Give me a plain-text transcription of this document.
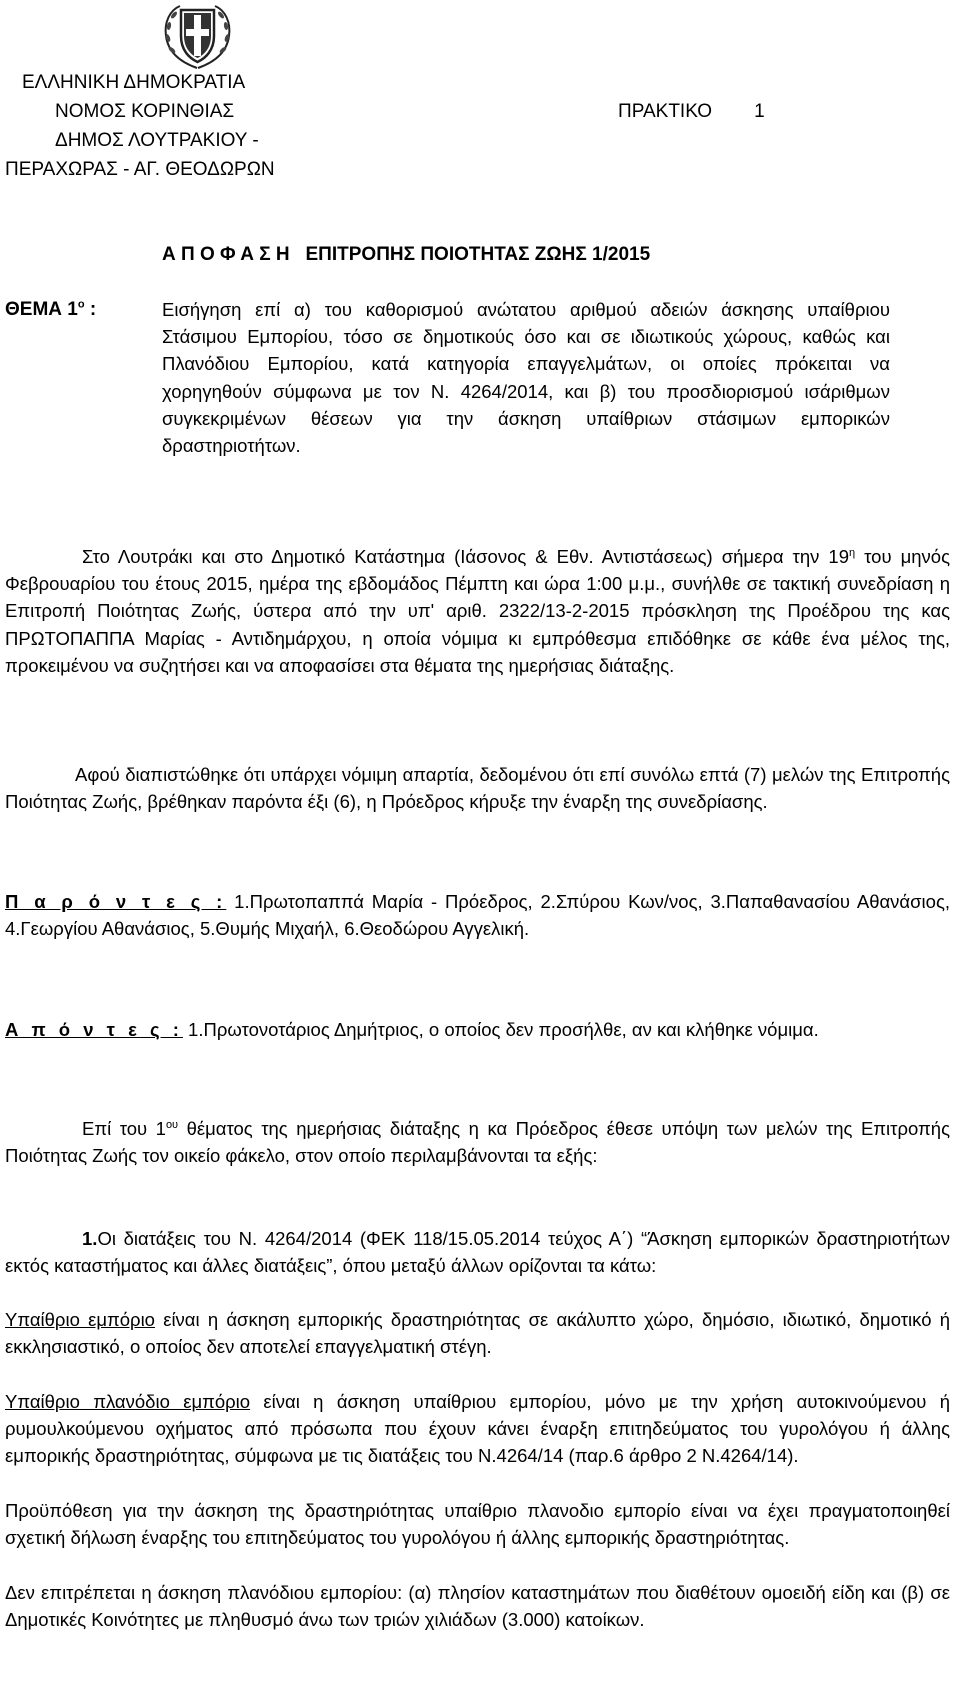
ΕΛΛΗΝΙΚΗ ΔΗΜΟΚΡΑΤΙΑ
ΝΟΜΟΣ ΚΟΡΙΝΘΙΑΣ	ΠΡΑΚΤΙΚΟ 1
ΔΗΜΟΣ ΛΟΥΤΡΑΚΙΟΥ -
ΠΕΡΑΧΩΡΑΣ - ΑΓ. ΘΕΟΔΩΡΩΝ
Α Π Ο Φ Α Σ Η   ΕΠΙΤΡΟΠΗΣ ΠΟΙΟΤΗΤΑΣ ΖΩΗΣ 1/2015
ΘΕΜΑ $1^o$ :	Εισήγηση επί α) του καθορισμού ανώτατου αριθμού αδειών άσκησης υπαίθριου Στάσιμου Εμπορίου, τόσο σε δημοτικούς όσο και σε ιδιωτικούς χώρους, καθώς και Πλανόδιου Εμπορίου, κατά κατηγορία επαγγελμάτων, οι οποίες πρόκειται να χορηγηθούν σύμφωνα με τον Ν. 4264/2014, και β) του προσδιορισμού ισάριθμων συγκεκριμένων θέσεων για την άσκηση υπαίθριων στάσιμων εμπορικών δραστηριοτήτων.
Στο Λουτράκι και στο Δημοτικό Κατάστημα (Ιάσονος & Εθν. Αντιστάσεως) σήμερα την $19^\eta$ του μηνός Φεβρουαρίου του έτους 2015, ημέρα της εβδομάδος Πέμπτη και ώρα 1:00 μ.μ., συνήλθε σε τακτική συνεδρίαση η Επιτροπή Ποιότητας Ζωής, ύστερα από την υπ' αριθ. 2322/13-2-2015 πρόσκληση της Προέδρου της κας ΠΡΩΤΟΠΑΠΠΑ Μαρίας - Αντιδημάρχου, η οποία νόμιμα κι εμπρόθεσμα επιδόθηκε σε κάθε ένα μέλος της, προκειμένου να συζητήσει και να αποφασίσει στα θέματα της ημερήσιας διάταξης.
Αφού διαπιστώθηκε ότι υπάρχει νόμιμη απαρτία, δεδομένου ότι επί συνόλω επτά (7) μελών της Επιτροπής Ποιότητας Ζωής, βρέθηκαν παρόντα έξι (6), η Πρόεδρος κήρυξε την έναρξη της συνεδρίασης.
Π α ρ ό ν τ ε ς : 1.Πρωτοπαππά Μαρία - Πρόεδρος, 2.Σπύρου Κων/νος, 3.Παπαθανασίου Αθανάσιος, 4.Γεωργίου Αθανάσιος, 5.Θυμής Μιχαήλ, 6.Θεοδώρου Αγγελική.
Α π ό ν τ ε ς : 1.Πρωτονοτάριος Δημήτριος, ο οποίος δεν προσήλθε, αν και κλήθηκε νόμιμα.
Επί του $1^{o\upsilon}$ θέματος της ημερήσιας διάταξης η κα Πρόεδρος έθεσε υπόψη των μελών της Επιτροπής Ποιότητας Ζωής τον οικείο φάκελο, στον οποίο περιλαμβάνονται τα εξής:
1.Οι διατάξεις του Ν. 4264/2014 (ΦΕΚ 118/15.05.2014 τεύχος Α΄) “Άσκηση εμπορικών δραστηριοτήτων εκτός καταστήματος και άλλες διατάξεις”, όπου μεταξύ άλλων ορίζονται τα κάτω:
Υπαίθριο εμπόριο είναι η άσκηση εμπορικής δραστηριότητας σε ακάλυπτο χώρο, δημόσιο, ιδιωτικό, δημοτικό ή εκκλησιαστικό, ο οποίος δεν αποτελεί επαγγελματική στέγη.
Υπαίθριο πλανόδιο εμπόριο είναι η άσκηση υπαίθριου εμπορίου, μόνο με την χρήση αυτοκινούμενου ή ρυμουλκούμενου οχήματος από πρόσωπα που έχουν κάνει έναρξη επιτηδεύματος του γυρολόγου ή άλλης εμπορικής δραστηριότητας, σύμφωνα με τις διατάξεις του Ν.4264/14 (παρ.6 άρθρο 2 Ν.4264/14).
Προϋπόθεση για την άσκηση της δραστηριότητας υπαίθριο πλανοδιο εμπορίο είναι να έχει πραγματοποιηθεί σχετική δήλωση έναρξης του επιτηδεύματος του γυρολόγου ή άλλης εμπορικής δραστηριότητας.
Δεν επιτρέπεται η άσκηση πλανόδιου εμπορίου: (α) πλησίον καταστημάτων που διαθέτουν ομοειδή είδη και (β) σε Δημοτικές Κοινότητες με πληθυσμό άνω των τριών χιλιάδων (3.000) κατοίκων.
